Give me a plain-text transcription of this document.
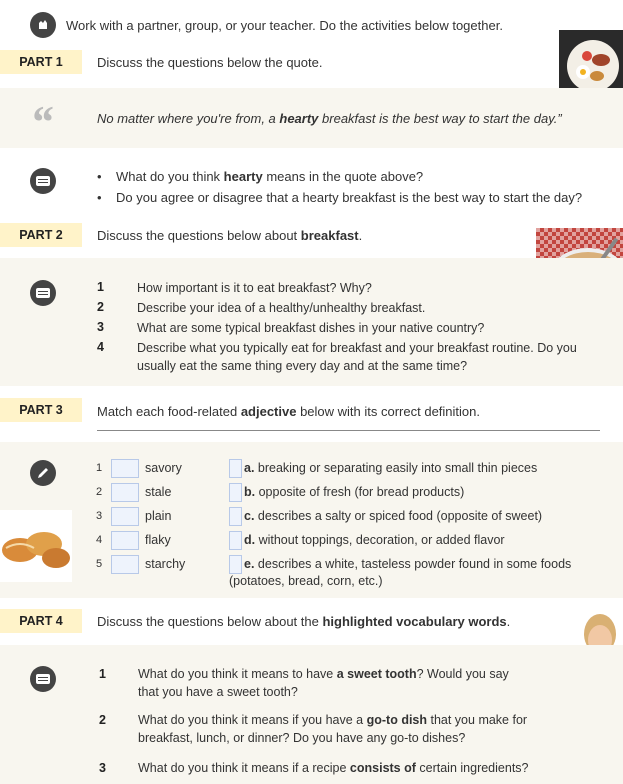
Work with a partner, group, or your teacher. Do the activities below together.
PART 1	Discuss the questions below the quote.
“	No matter where you're from, a hearty breakfast is the best way to start the day.”
•    What do you think hearty means in the quote above?
•    Do you agree or disagree that a hearty breakfast is the best way to start the day?
PART 2	Discuss the questions below about breakfast.
1	How important is it to eat breakfast? Why?
2	Describe your idea of a healthy/unhealthy breakfast.
3	What are some typical breakfast dishes in your native country?
4	Describe what you typically eat for breakfast and your breakfast routine. Do you usually eat the same thing every day and at the same time?
PART 3	Match each food-related adjective below with its correct definition.
1	savory	a. breaking or separating easily into small thin pieces
2	stale	b. opposite of fresh (for bread products)
3	plain	c. describes a salty or spiced food (opposite of sweet)
4	flaky	d. without toppings, decoration, or added flavor
5	starchy	e. describes a white, tasteless powder found in some foods
(potatoes, bread, corn, etc.)
PART 4	Discuss the questions below about the highlighted vocabulary words.
1	What do you think it means to have a sweet tooth? Would you say
that you have a sweet tooth?
2	What do you think it means if you have a go-to dish that you make for
breakfast, lunch, or dinner? Do you have any go-to dishes?
3	What do you think it means if a recipe consists of certain ingredients?
